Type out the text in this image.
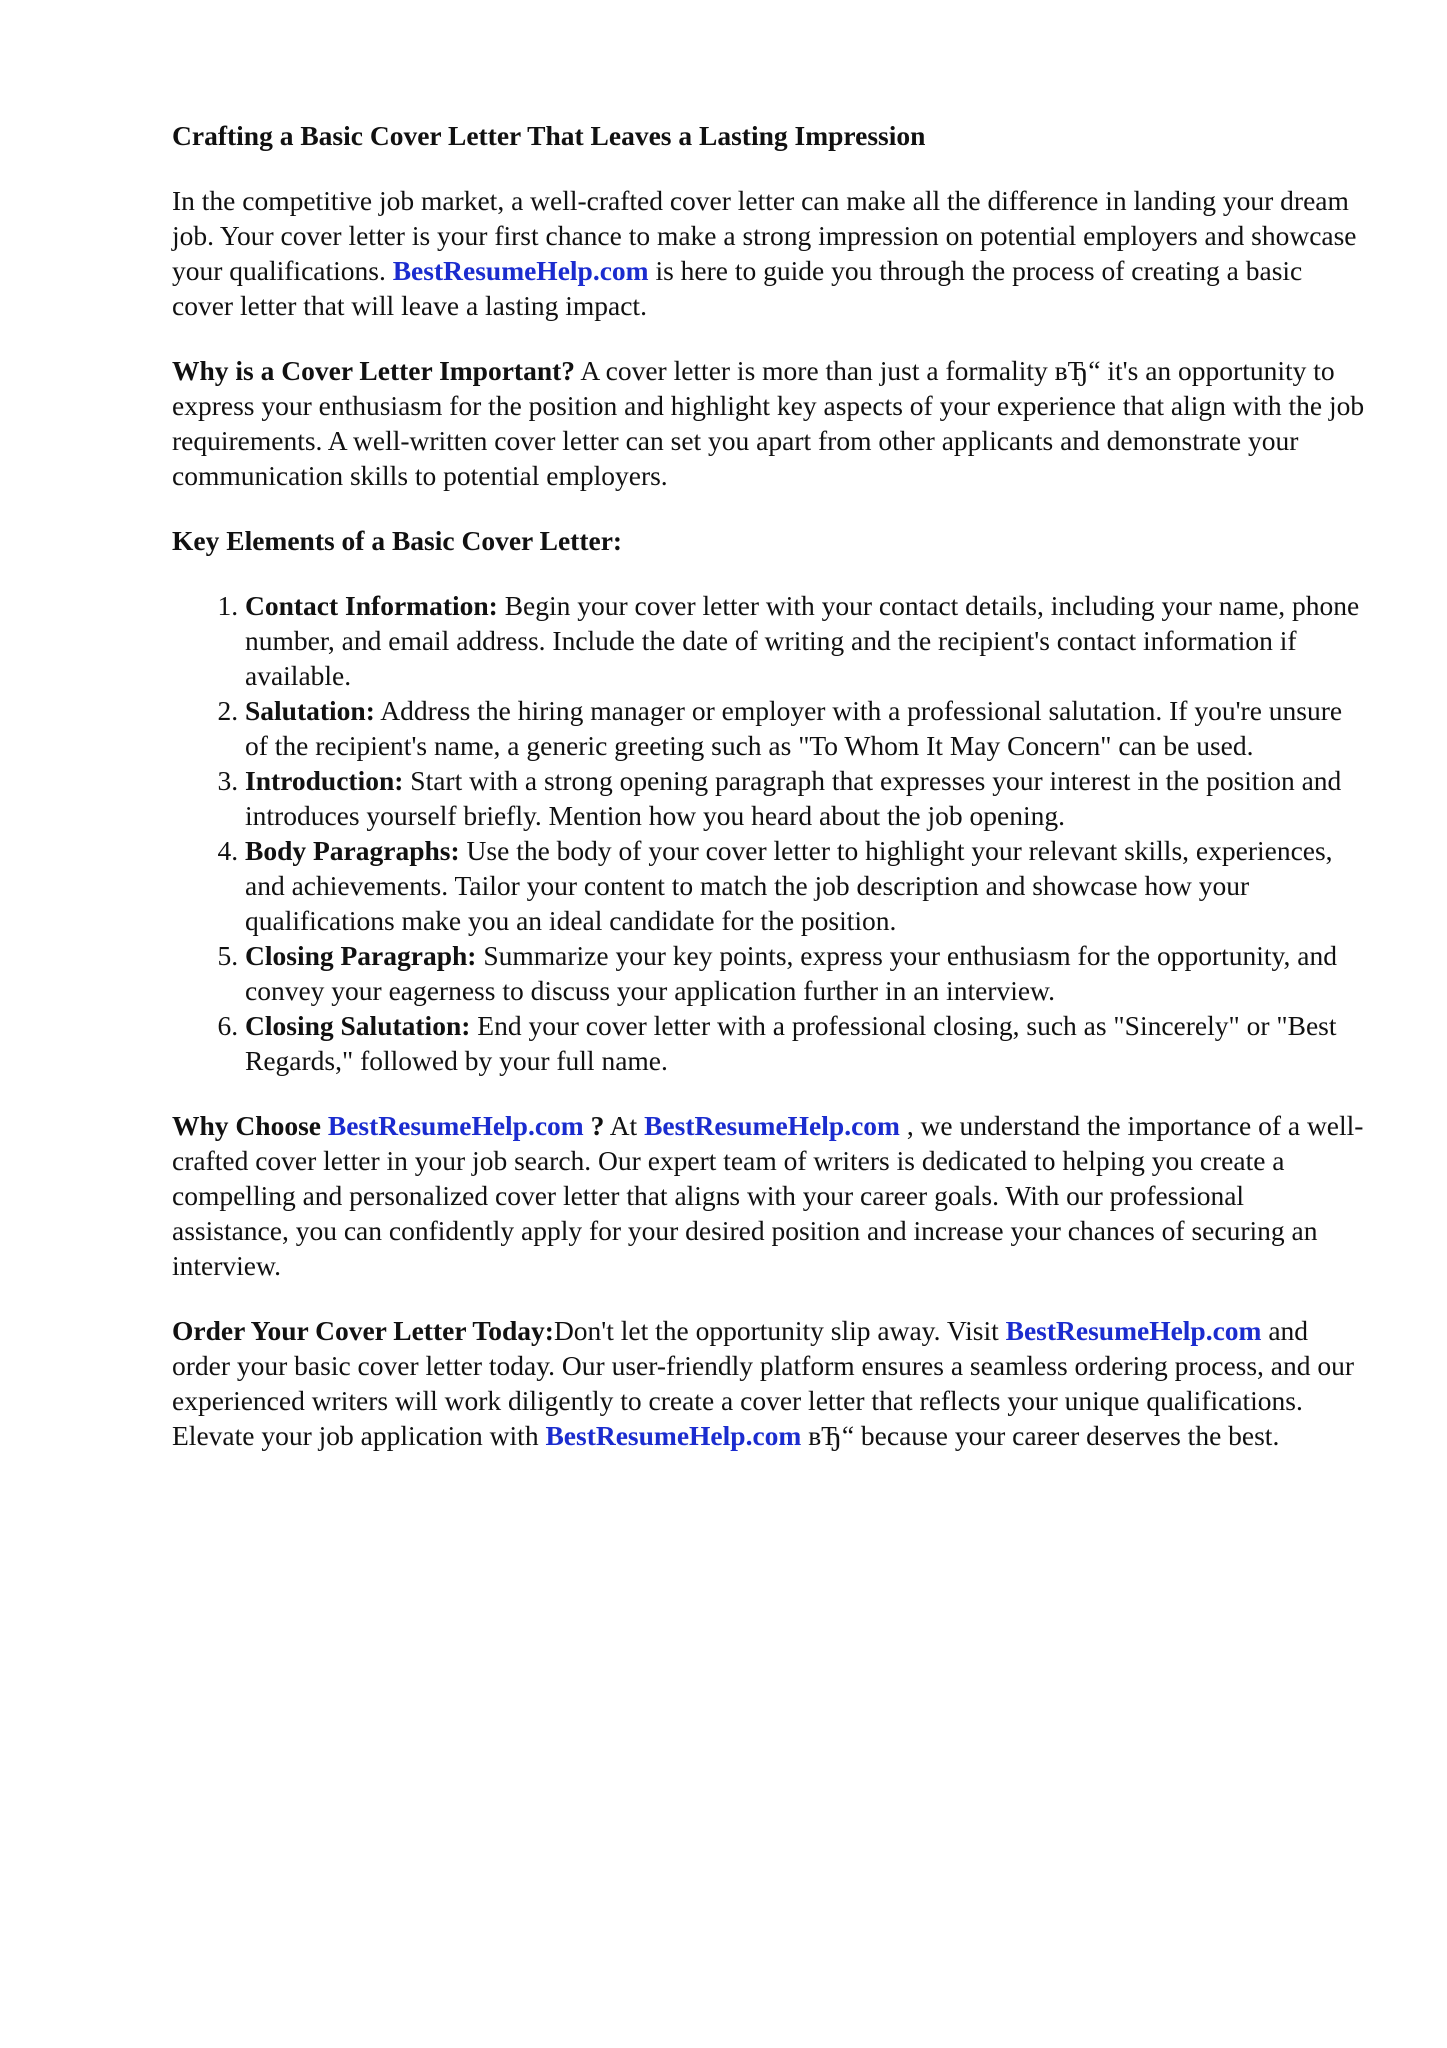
Crafting a Basic Cover Letter That Leaves a Lasting Impression

In the competitive job market, a well-crafted cover letter can make all the difference in landing your dream job. Your cover letter is your first chance to make a strong impression on potential employers and showcase your qualifications. BestResumeHelp.com is here to guide you through the process of creating a basic cover letter that will leave a lasting impact.

Why is a Cover Letter Important? A cover letter is more than just a formality вЂ“ it's an opportunity to express your enthusiasm for the position and highlight key aspects of your experience that align with the job requirements. A well-written cover letter can set you apart from other applicants and demonstrate your communication skills to potential employers.

Key Elements of a Basic Cover Letter:
1. Contact Information: Begin your cover letter with your contact details, including your name, phone number, and email address. Include the date of writing and the recipient's contact information if available.
2. Salutation: Address the hiring manager or employer with a professional salutation. If you're unsure of the recipient's name, a generic greeting such as "To Whom It May Concern" can be used.
3. Introduction: Start with a strong opening paragraph that expresses your interest in the position and introduces yourself briefly. Mention how you heard about the job opening.
4. Body Paragraphs: Use the body of your cover letter to highlight your relevant skills, experiences, and achievements. Tailor your content to match the job description and showcase how your qualifications make you an ideal candidate for the position.
5. Closing Paragraph: Summarize your key points, express your enthusiasm for the opportunity, and convey your eagerness to discuss your application further in an interview.
6. Closing Salutation: End your cover letter with a professional closing, such as "Sincerely" or "Best Regards," followed by your full name.

Why Choose BestResumeHelp.com ? At BestResumeHelp.com , we understand the importance of a well-crafted cover letter in your job search. Our expert team of writers is dedicated to helping you create a compelling and personalized cover letter that aligns with your career goals. With our professional assistance, you can confidently apply for your desired position and increase your chances of securing an interview.

Order Your Cover Letter Today:Don't let the opportunity slip away. Visit BestResumeHelp.com and order your basic cover letter today. Our user-friendly platform ensures a seamless ordering process, and our experienced writers will work diligently to create a cover letter that reflects your unique qualifications. Elevate your job application with BestResumeHelp.com вЂ“ because your career deserves the best.
